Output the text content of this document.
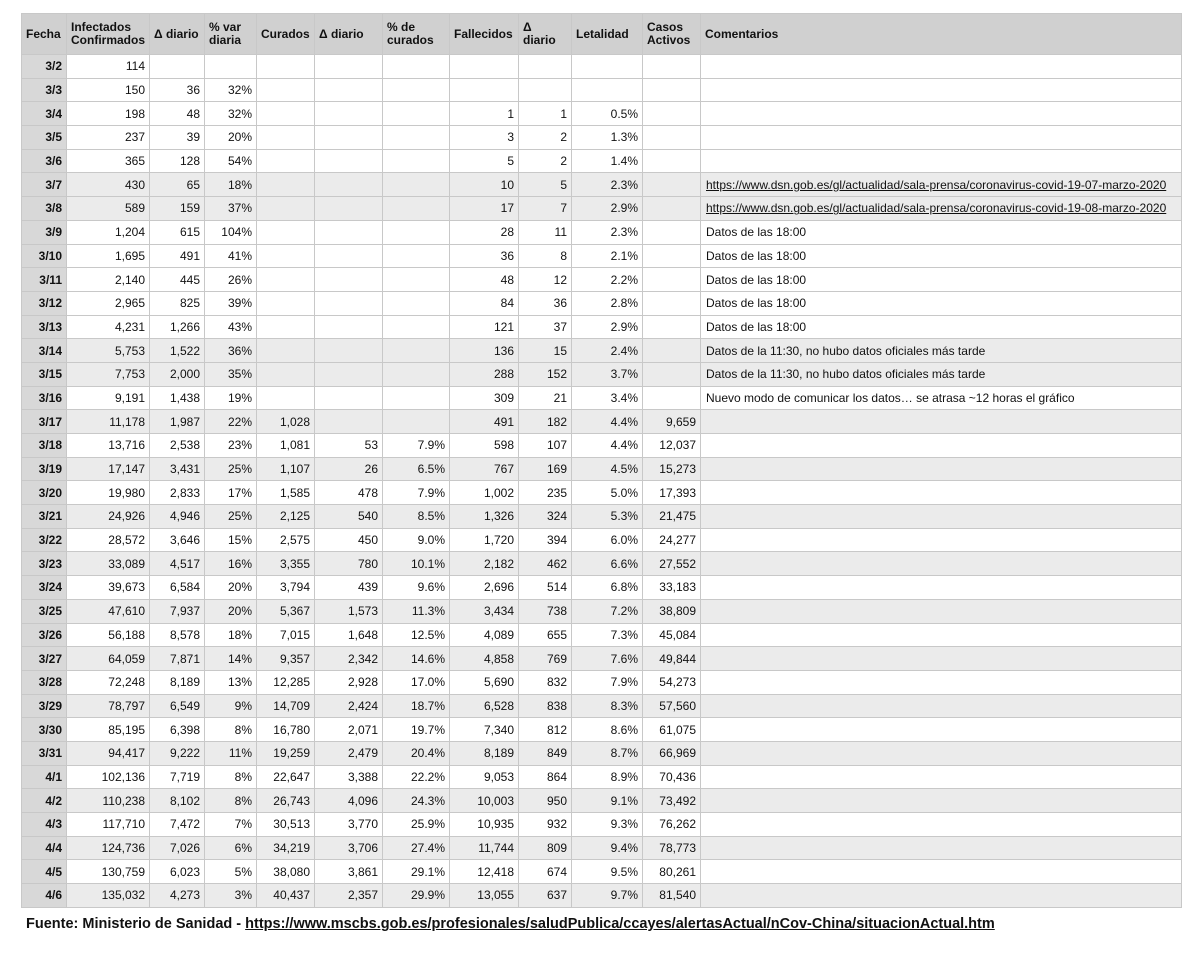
Fecha	Infectados Confirmados	Δ diario	% var diaria	Curados	Δ diario	% de curados	Fallecidos	Δ diario	Letalidad	Casos Activos	Comentarios
3/2	114										
3/3	150	36	32%								
3/4	198	48	32%				1	1	0.5%		
3/5	237	39	20%				3	2	1.3%		
3/6	365	128	54%				5	2	1.4%		
3/7	430	65	18%				10	5	2.3%		https://www.dsn.gob.es/gl/actualidad/sala-prensa/coronavirus-covid-19-07-marzo-2020
3/8	589	159	37%				17	7	2.9%		https://www.dsn.gob.es/gl/actualidad/sala-prensa/coronavirus-covid-19-08-marzo-2020
3/9	1,204	615	104%				28	11	2.3%		Datos de las 18:00
3/10	1,695	491	41%				36	8	2.1%		Datos de las 18:00
3/11	2,140	445	26%				48	12	2.2%		Datos de las 18:00
3/12	2,965	825	39%				84	36	2.8%		Datos de las 18:00
3/13	4,231	1,266	43%				121	37	2.9%		Datos de las 18:00
3/14	5,753	1,522	36%				136	15	2.4%		Datos de la 11:30, no hubo datos oficiales más tarde
3/15	7,753	2,000	35%				288	152	3.7%		Datos de la 11:30, no hubo datos oficiales más tarde
3/16	9,191	1,438	19%				309	21	3.4%		Nuevo modo de comunicar los datos… se atrasa ~12 horas el gráfico
3/17	11,178	1,987	22%	1,028			491	182	4.4%	9,659	
3/18	13,716	2,538	23%	1,081	53	7.9%	598	107	4.4%	12,037	
3/19	17,147	3,431	25%	1,107	26	6.5%	767	169	4.5%	15,273	
3/20	19,980	2,833	17%	1,585	478	7.9%	1,002	235	5.0%	17,393	
3/21	24,926	4,946	25%	2,125	540	8.5%	1,326	324	5.3%	21,475	
3/22	28,572	3,646	15%	2,575	450	9.0%	1,720	394	6.0%	24,277	
3/23	33,089	4,517	16%	3,355	780	10.1%	2,182	462	6.6%	27,552	
3/24	39,673	6,584	20%	3,794	439	9.6%	2,696	514	6.8%	33,183	
3/25	47,610	7,937	20%	5,367	1,573	11.3%	3,434	738	7.2%	38,809	
3/26	56,188	8,578	18%	7,015	1,648	12.5%	4,089	655	7.3%	45,084	
3/27	64,059	7,871	14%	9,357	2,342	14.6%	4,858	769	7.6%	49,844	
3/28	72,248	8,189	13%	12,285	2,928	17.0%	5,690	832	7.9%	54,273	
3/29	78,797	6,549	9%	14,709	2,424	18.7%	6,528	838	8.3%	57,560	
3/30	85,195	6,398	8%	16,780	2,071	19.7%	7,340	812	8.6%	61,075	
3/31	94,417	9,222	11%	19,259	2,479	20.4%	8,189	849	8.7%	66,969	
4/1	102,136	7,719	8%	22,647	3,388	22.2%	9,053	864	8.9%	70,436	
4/2	110,238	8,102	8%	26,743	4,096	24.3%	10,003	950	9.1%	73,492	
4/3	117,710	7,472	7%	30,513	3,770	25.9%	10,935	932	9.3%	76,262	
4/4	124,736	7,026	6%	34,219	3,706	27.4%	11,744	809	9.4%	78,773	
4/5	130,759	6,023	5%	38,080	3,861	29.1%	12,418	674	9.5%	80,261	
4/6	135,032	4,273	3%	40,437	2,357	29.9%	13,055	637	9.7%	81,540	
Fuente: Ministerio de Sanidad - https://www.mscbs.gob.es/profesionales/saludPublica/ccayes/alertasActual/nCov-China/situacionActual.htm
